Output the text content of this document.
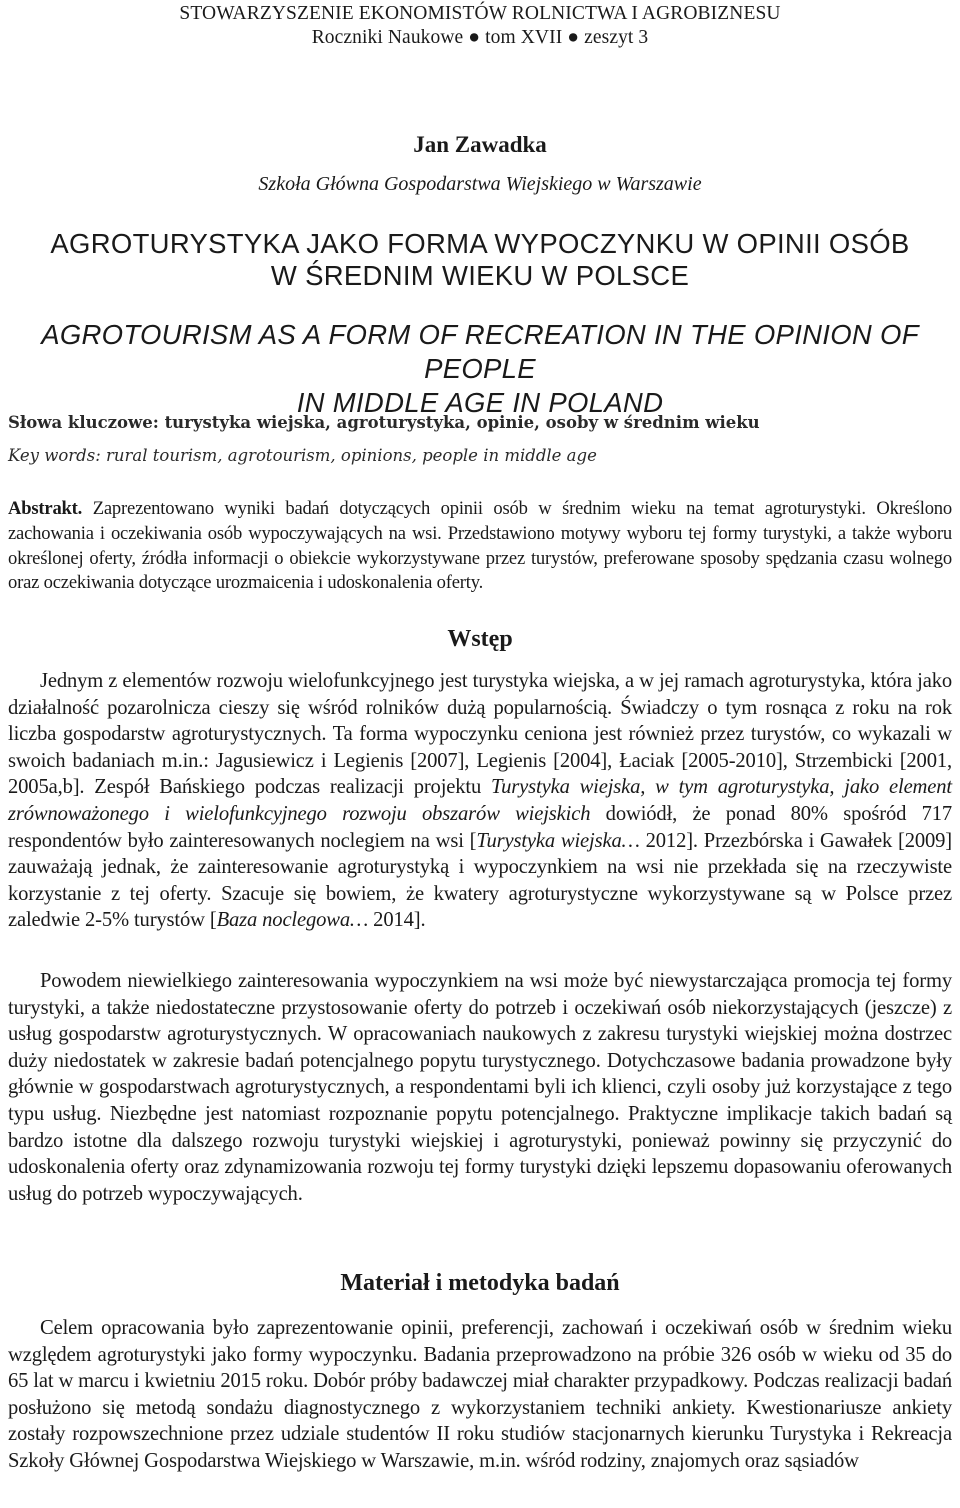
STOWARZYSZENIE EKONOMISTÓW ROLNICTWA I AGROBIZNESU
Roczniki Naukowe ● tom XVII ● zeszyt 3
Jan Zawadka
Szkoła Główna Gospodarstwa Wiejskiego w Warszawie
AGROTURYSTYKA JAKO FORMA WYPOCZYNKU W OPINII OSÓB
W ŚREDNIM WIEKU W POLSCE
AGROTOURISM AS A FORM OF RECREATION IN THE OPINION OF PEOPLE
IN MIDDLE AGE IN POLAND
Słowa kluczowe: turystyka wiejska, agroturystyka, opinie, osoby w średnim wieku
Key words: rural tourism, agrotourism, opinions, people in middle age
Abstrakt. Zaprezentowano wyniki badań dotyczących opinii osób w średnim wieku na temat agroturystyki. Określono zachowania i oczekiwania osób wypoczywających na wsi. Przedstawiono motywy wyboru tej formy turystyki, a także wyboru określonej oferty, źródła informacji o obiekcie wykorzystywane przez turystów, preferowane sposoby spędzania czasu wolnego oraz oczekiwania dotyczące urozmaicenia i udoskonalenia oferty.
Wstęp
Jednym z elementów rozwoju wielofunkcyjnego jest turystyka wiejska, a w jej ramach agroturystyka, która jako działalność pozarolnicza cieszy się wśród rolników dużą popularnością. Świadczy o tym rosnąca z roku na rok liczba gospodarstw agroturystycznych. Ta forma wypoczynku ceniona jest również przez turystów, co wykazali w swoich badaniach m.in.: Jagusiewicz i Legienis [2007], Legienis [2004], Łaciak [2005-2010], Strzembicki [2001, 2005a,b]. Zespół Bańskiego podczas realizacji projektu Turystyka wiejska, w tym agroturystyka, jako element zrównoważonego i wielofunkcyjnego rozwoju obszarów wiejskich dowiódł, że ponad 80% spośród 717 respondentów było zainteresowanych noclegiem na wsi [Turystyka wiejska… 2012]. Przezbórska i Gawałek [2009] zauważają jednak, że zainteresowanie agroturystyką i wypoczynkiem na wsi nie przekłada się na rzeczywiste korzystanie z tej oferty. Szacuje się bowiem, że kwatery agroturystyczne wykorzystywane są w Polsce przez zaledwie 2-5% turystów [Baza noclegowa… 2014].
Powodem niewielkiego zainteresowania wypoczynkiem na wsi może być niewystarczająca promocja tej formy turystyki, a także niedostateczne przystosowanie oferty do potrzeb i oczekiwań osób niekorzystających (jeszcze) z usług gospodarstw agroturystycznych. W opracowaniach naukowych z zakresu turystyki wiejskiej można dostrzec duży niedostatek w zakresie badań potencjalnego popytu turystycznego. Dotychczasowe badania prowadzone były głównie w gospodarstwach agroturystycznych, a respondentami byli ich klienci, czyli osoby już korzystające z tego typu usług. Niezbędne jest natomiast rozpoznanie popytu potencjalnego. Praktyczne implikacje takich badań są bardzo istotne dla dalszego rozwoju turystyki wiejskiej i agroturystyki, ponieważ powinny się przyczynić do udoskonalenia oferty oraz zdynamizowania rozwoju tej formy turystyki dzięki lepszemu dopasowaniu oferowanych usług do potrzeb wypoczywających.
Materiał i metodyka badań
Celem opracowania było zaprezentowanie opinii, preferencji, zachowań i oczekiwań osób w średnim wieku względem agroturystyki jako formy wypoczynku. Badania przeprowadzono na próbie 326 osób w wieku od 35 do 65 lat w marcu i kwietniu 2015 roku. Dobór próby badawczej miał charakter przypadkowy. Podczas realizacji badań posłużono się metodą sondażu diagnostycznego z wykorzystaniem techniki ankiety. Kwestionariusze ankiety zostały rozpowszechnione przez udziale studentów II roku studiów stacjonarnych kierunku Turystyka i Rekreacja Szkoły Głównej Gospodarstwa Wiejskiego w Warszawie, m.in. wśród rodziny, znajomych oraz sąsiadów
